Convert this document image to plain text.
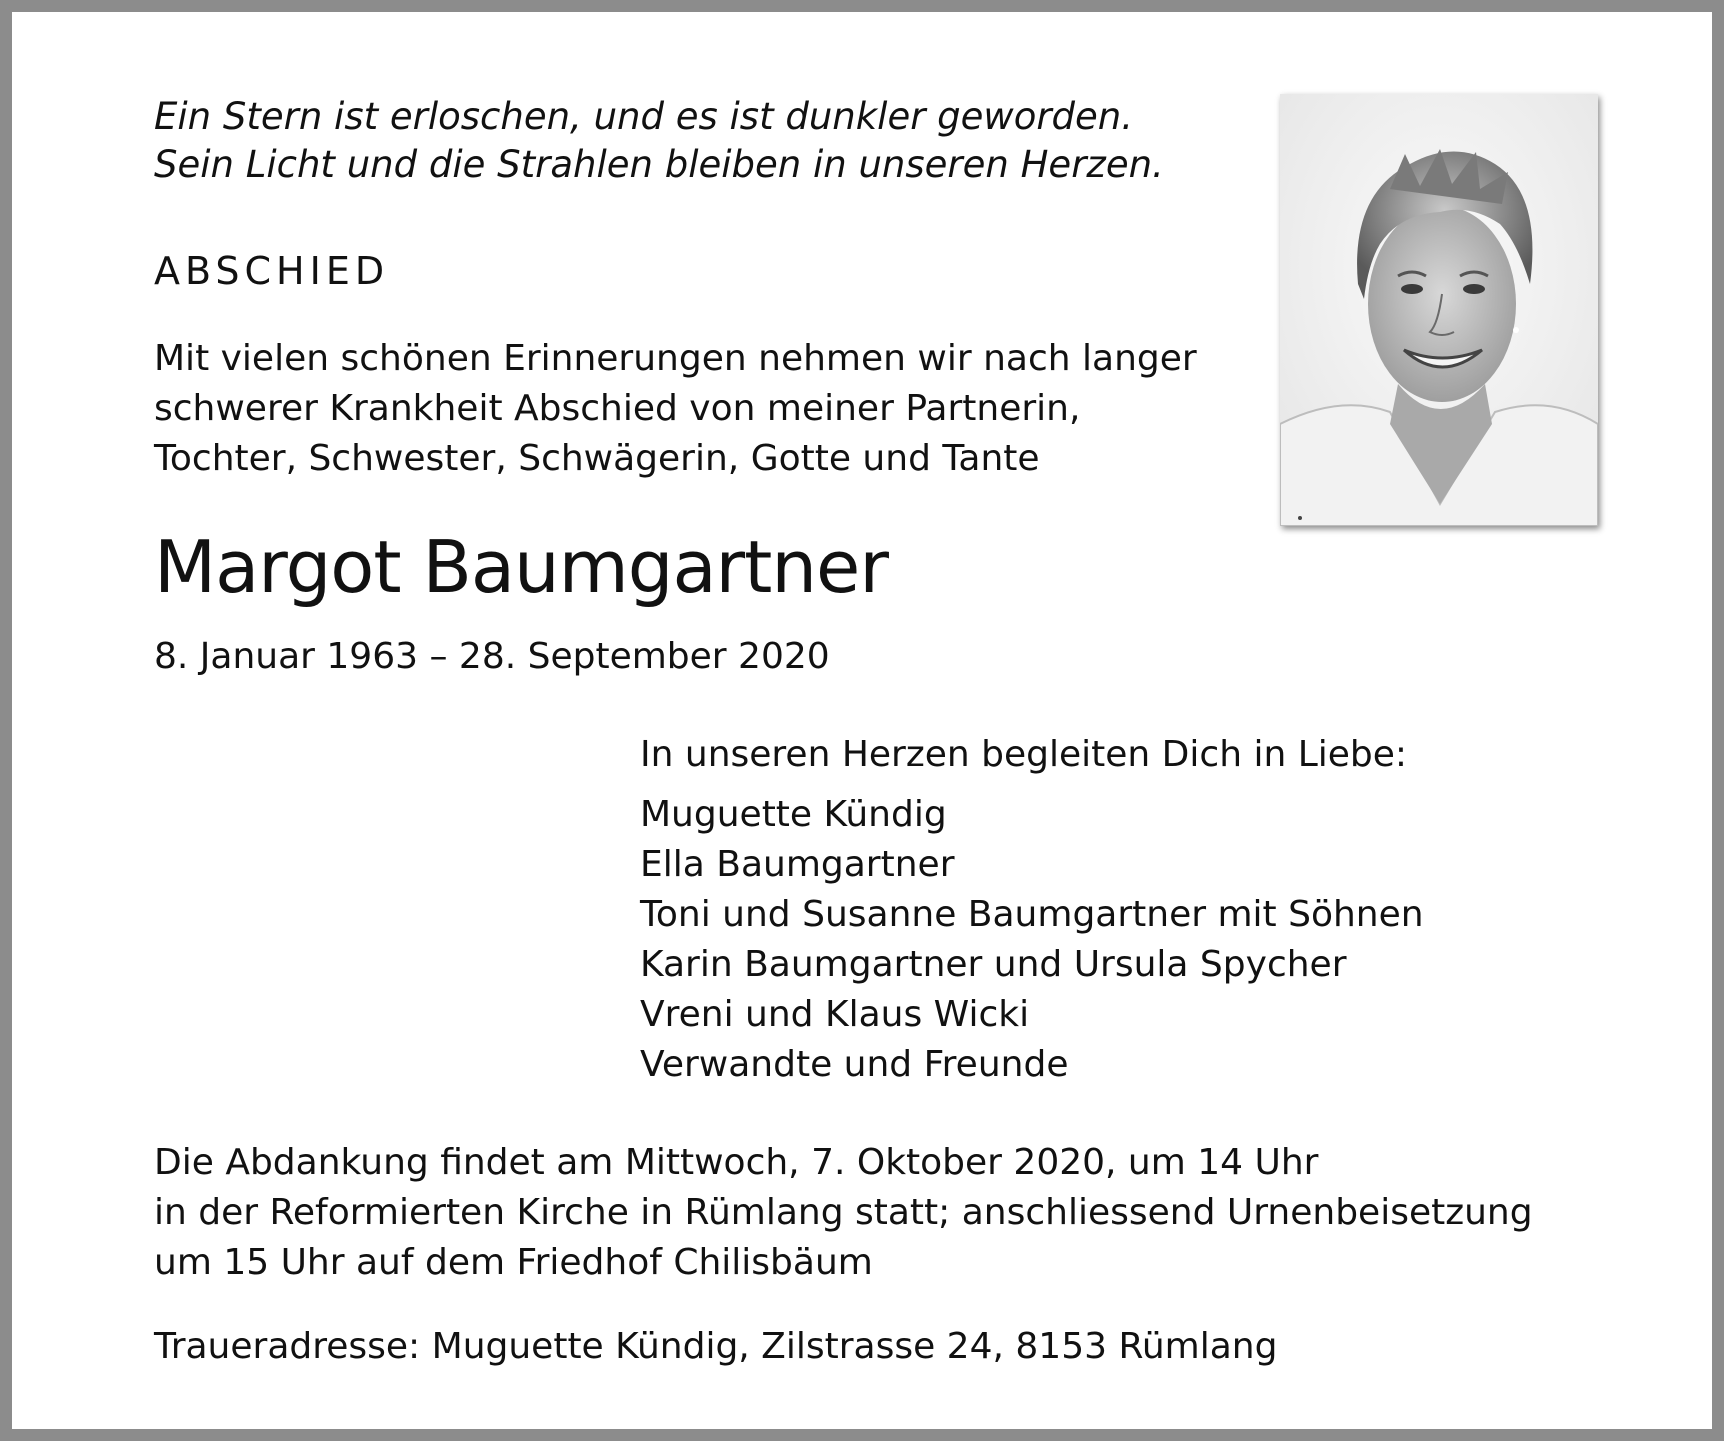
Ein Stern ist erloschen, und es ist dunkler geworden.
Sein Licht und die Strahlen bleiben in unseren Herzen.
ABSCHIED
Mit vielen schönen Erinnerungen nehmen wir nach langer
schwerer Krankheit Abschied von meiner Partnerin,
Tochter, Schwester, Schwägerin, Gotte und Tante
Margot Baumgartner
8. Januar 1963 – 28. September 2020
In unseren Herzen begleiten Dich in Liebe:
Muguette Kündig
Ella Baumgartner
Toni und Susanne Baumgartner mit Söhnen
Karin Baumgartner und Ursula Spycher
Vreni und Klaus Wicki
Verwandte und Freunde
Die Abdankung findet am Mittwoch, 7. Oktober 2020, um 14 Uhr
in der Reformierten Kirche in Rümlang statt; anschliessend Urnenbeisetzung
um 15 Uhr auf dem Friedhof Chilisbäum
Traueradresse: Muguette Kündig, Zilstrasse 24, 8153 Rümlang
